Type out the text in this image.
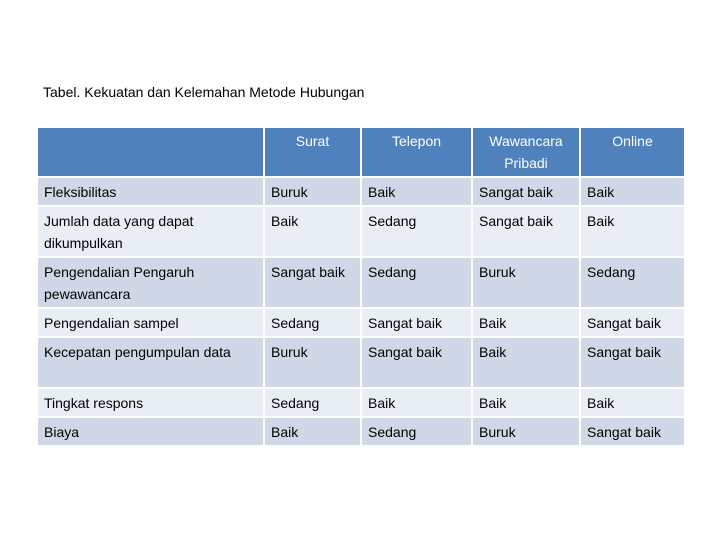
Tabel. Kekuatan dan Kelemahan Metode Hubungan
	Surat	Telepon	Wawancara Pribadi	Online
Fleksibilitas	Buruk	Baik	Sangat baik	Baik
Jumlah data yang dapat dikumpulkan	Baik	Sedang	Sangat baik	Baik
Pengendalian Pengaruh pewawancara	Sangat baik	Sedang	Buruk	Sedang
Pengendalian sampel	Sedang	Sangat baik	Baik	Sangat baik
Kecepatan pengumpulan data	Buruk	Sangat baik	Baik	Sangat baik
Tingkat respons	Sedang	Baik	Baik	Baik
Biaya	Baik	Sedang	Buruk	Sangat baik
